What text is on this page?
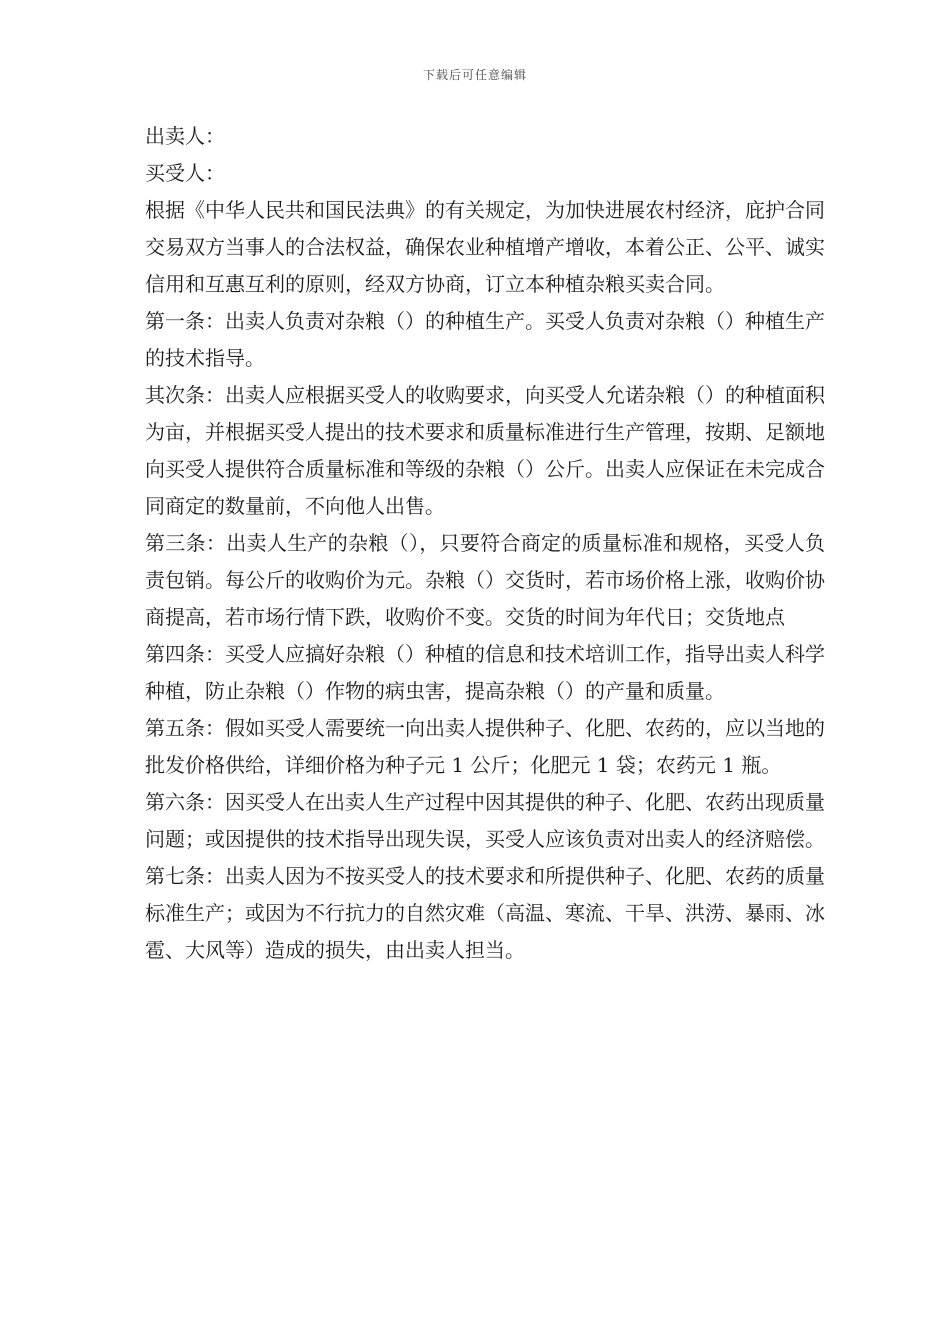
下载后可任意编辑

出卖人：

买受人：

根据《中华人民共和国民法典》的有关规定，为加快进展农村经济，庇护合同交易双方当事人的合法权益，确保农业种植增产增收，本着公正、公平、诚实信用和互惠互利的原则，经双方协商，订立本种植杂粮买卖合同。

第一条：出卖人负责对杂粮（）的种植生产。买受人负责对杂粮（）种植生产的技术指导。

其次条：出卖人应根据买受人的收购要求，向买受人允诺杂粮（）的种植面积为亩，并根据买受人提出的技术要求和质量标准进行生产管理，按期、足额地向买受人提供符合质量标准和等级的杂粮（）公斤。出卖人应保证在未完成合同商定的数量前，不向他人出售。

第三条：出卖人生产的杂粮（），只要符合商定的质量标准和规格，买受人负责包销。每公斤的收购价为元。杂粮（）交货时，若市场价格上涨，收购价协商提高，若市场行情下跌，收购价不变。交货的时间为年代日；交货地点

第四条：买受人应搞好杂粮（）种植的信息和技术培训工作，指导出卖人科学种植，防止杂粮（）作物的病虫害，提高杂粮（）的产量和质量。

第五条：假如买受人需要统一向出卖人提供种子、化肥、农药的，应以当地的批发价格供给，详细价格为种子元 1 公斤；化肥元 1 袋；农药元 1 瓶。

第六条：因买受人在出卖人生产过程中因其提供的种子、化肥、农药出现质量问题；或因提供的技术指导出现失误，买受人应该负责对出卖人的经济赔偿。

第七条：出卖人因为不按买受人的技术要求和所提供种子、化肥、农药的质量标准生产；或因为不行抗力的自然灾难（高温、寒流、干旱、洪涝、暴雨、冰雹、大风等）造成的损失，由出卖人担当。
